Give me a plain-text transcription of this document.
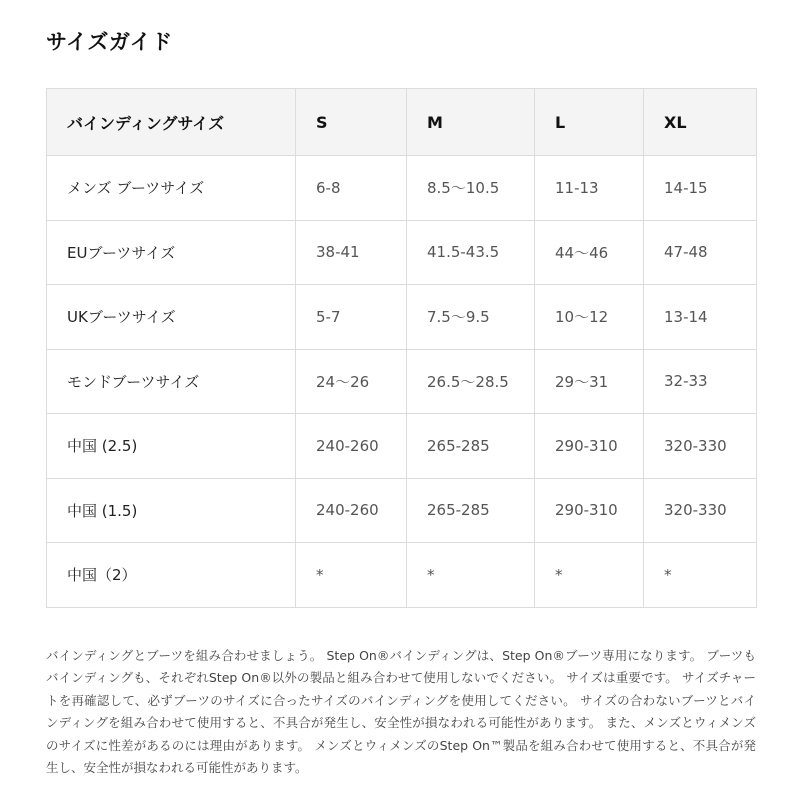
サイズガイド
バインディングサイズ	S	M	L	XL
メンズ ブーツサイズ	6-8	8.5〜10.5	11-13	14-15
EUブーツサイズ	38-41	41.5-43.5	44〜46	47-48
UKブーツサイズ	5-7	7.5〜9.5	10〜12	13-14
モンドブーツサイズ	24〜26	26.5〜28.5	29〜31	32-33
中国 (2.5)	240-260	265-285	290-310	320-330
中国 (1.5)	240-260	265-285	290-310	320-330
中国（2）	*	*	*	*

バインディングとブーツを組み合わせましょう。 Step On®バインディングは、Step On®ブーツ専用になります。 ブーツもバインディングも、それぞれStep On®以外の製品と組み合わせて使用しないでください。 サイズは重要です。 サイズチャートを再確認して、必ずブーツのサイズに合ったサイズのバインディングを使用してください。 サイズの合わないブーツとバインディングを組み合わせて使用すると、不具合が発生し、安全性が損なわれる可能性があります。 また、メンズとウィメンズのサイズに性差があるのには理由があります。 メンズとウィメンズのStep On™製品を組み合わせて使用すると、不具合が発生し、安全性が損なわれる可能性があります。
